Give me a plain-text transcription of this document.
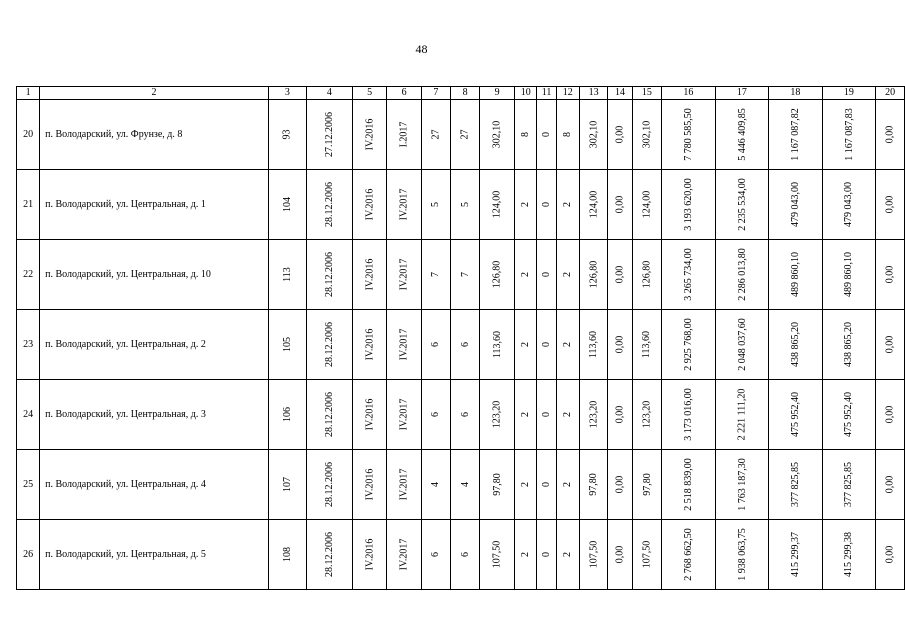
48
1	2	3	4	5	6	7	8	9	10	11	12	13	14	15	16	17	18	19	20
20	п. Володарский, ул. Фрунзе, д. 8	93	27.12.2006	IV.2016	I.2017	27	27	302,10	8	0	8	302,10	0,00	302,10	7 780 585,50	5 446 409,85	1 167 087,82	1 167 087,83	0,00
21	п. Володарский, ул. Центральная, д. 1	104	28.12.2006	IV.2016	IV.2017	5	5	124,00	2	0	2	124,00	0,00	124,00	3 193 620,00	2 235 534,00	479 043,00	479 043,00	0,00
22	п. Володарский, ул. Центральная, д. 10	113	28.12.2006	IV.2016	IV.2017	7	7	126,80	2	0	2	126,80	0,00	126,80	3 265 734,00	2 286 013,80	489 860,10	489 860,10	0,00
23	п. Володарский, ул. Центральная, д. 2	105	28.12.2006	IV.2016	IV.2017	6	6	113,60	2	0	2	113,60	0,00	113,60	2 925 768,00	2 048 037,60	438 865,20	438 865,20	0,00
24	п. Володарский, ул. Центральная, д. 3	106	28.12.2006	IV.2016	IV.2017	6	6	123,20	2	0	2	123,20	0,00	123,20	3 173 016,00	2 221 111,20	475 952,40	475 952,40	0,00
25	п. Володарский, ул. Центральная, д. 4	107	28.12.2006	IV.2016	IV.2017	4	4	97,80	2	0	2	97,80	0,00	97,80	2 518 839,00	1 763 187,30	377 825,85	377 825,85	0,00
26	п. Володарский, ул. Центральная, д. 5	108	28.12.2006	IV.2016	IV.2017	6	6	107,50	2	0	2	107,50	0,00	107,50	2 768 662,50	1 938 063,75	415 299,37	415 299,38	0,00
